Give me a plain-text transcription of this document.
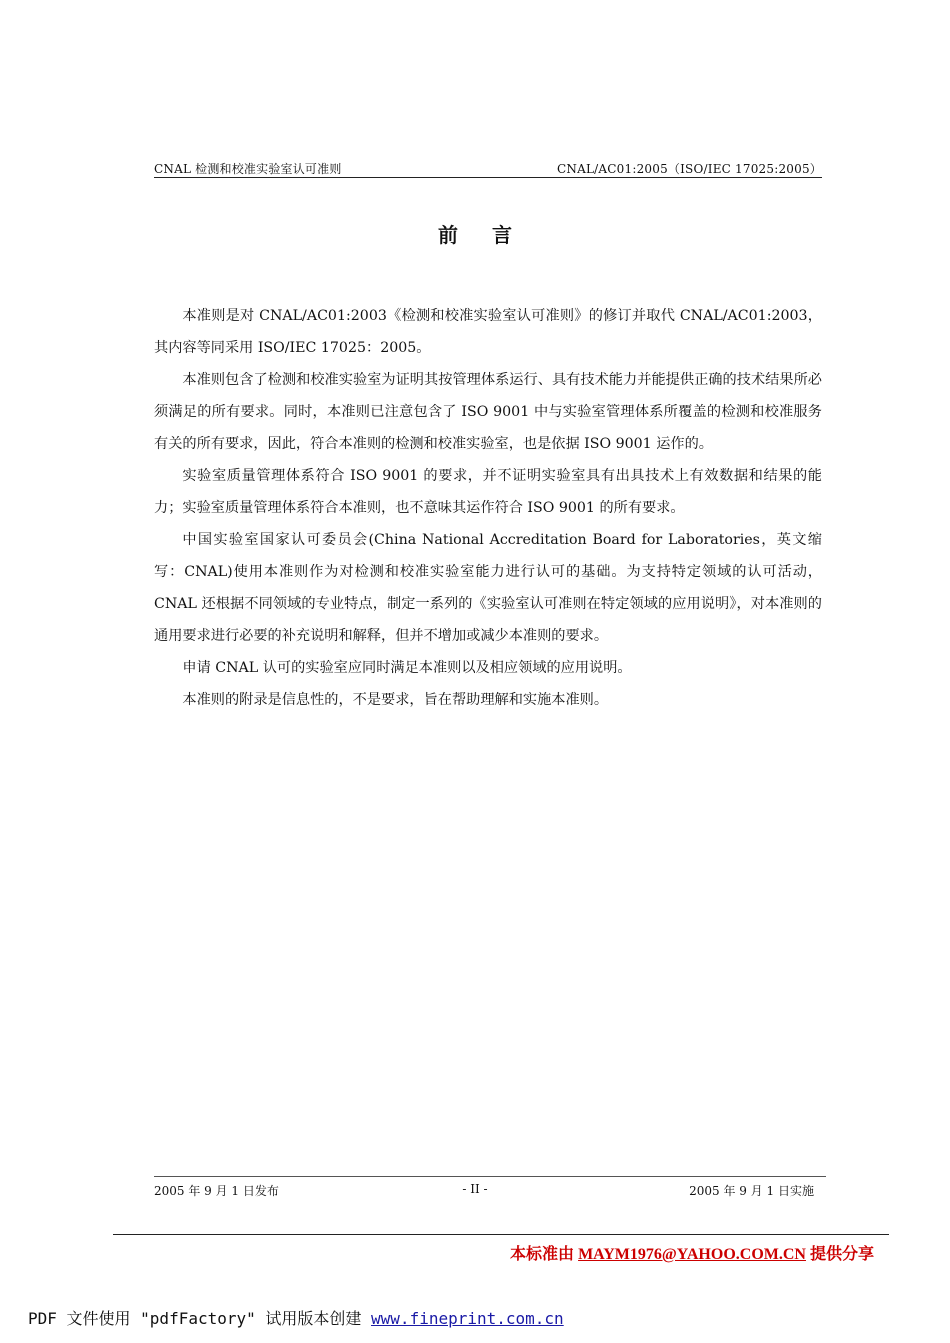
CNAL 检测和校准实验室认可准则	CNAL/AC01:2005（ISO/IEC 17025:2005）
前言

本准则是对 CNAL/AC01:2003《检测和校准实验室认可准则》的修订并取代 CNAL/AC01:2003，其内容等同采用 ISO/IEC 17025：2005。

本准则包含了检测和校准实验室为证明其按管理体系运行、具有技术能力并能提供正确的技术结果所必须满足的所有要求。同时，本准则已注意包含了 ISO 9001 中与实验室管理体系所覆盖的检测和校准服务有关的所有要求，因此，符合本准则的检测和校准实验室，也是依据 ISO 9001 运作的。

实验室质量管理体系符合 ISO 9001 的要求，并不证明实验室具有出具技术上有效数据和结果的能力；实验室质量管理体系符合本准则，也不意味其运作符合 ISO 9001 的所有要求。

中国实验室国家认可委员会(China National Accreditation Board for Laboratories，英文缩写：CNAL)使用本准则作为对检测和校准实验室能力进行认可的基础。为支持特定领域的认可活动，CNAL 还根据不同领域的专业特点，制定一系列的《实验室认可准则在特定领域的应用说明》，对本准则的通用要求进行必要的补充说明和解释，但并不增加或减少本准则的要求。

申请 CNAL 认可的实验室应同时满足本准则以及相应领域的应用说明。

本准则的附录是信息性的，不是要求，旨在帮助理解和实施本准则。

2005 年 9 月 1 日发布	- II -	2005 年 9 月 1 日实施
本标准由 MAYM1976@YAHOO.COM.CN 提供分享
PDF 文件使用 "pdfFactory" 试用版本创建 www.fineprint.com.cn
